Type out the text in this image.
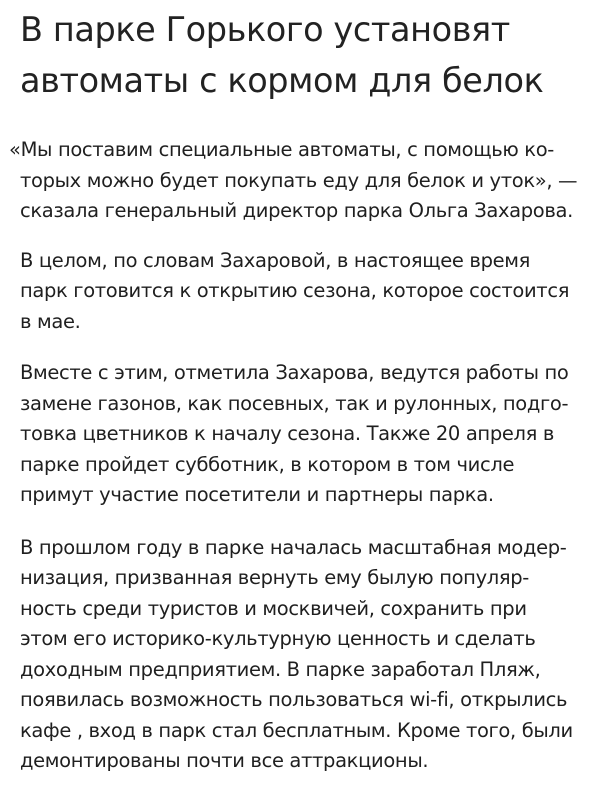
В парке Горького установят
автоматы с кормом для белок

«Мы поставим специальные автоматы, с помощью ко-
торых можно будет покупать еду для белок и уток», —
сказала генеральный директор парка Ольга Захарова.

В целом, по словам Захаровой, в настоящее время
парк готовится к открытию сезона, которое состоится
в мае.

Вместе с этим, отметила Захарова, ведутся работы по
замене газонов, как посевных, так и рулонных, подго-
товка цветников к началу сезона. Также 20 апреля в
парке пройдет субботник, в котором в том числе
примут участие посетители и партнеры парка.

В прошлом году в парке началась масштабная модер-
низация, призванная вернуть ему былую популяр-
ность среди туристов и москвичей, сохранить при
этом его историко-культурную ценность и сделать
доходным предприятием. В парке заработал Пляж,
появилась возможность пользоваться wi-fi, открылись
кафе , вход в парк стал бесплатным. Кроме того, были
демонтированы почти все аттракционы.
